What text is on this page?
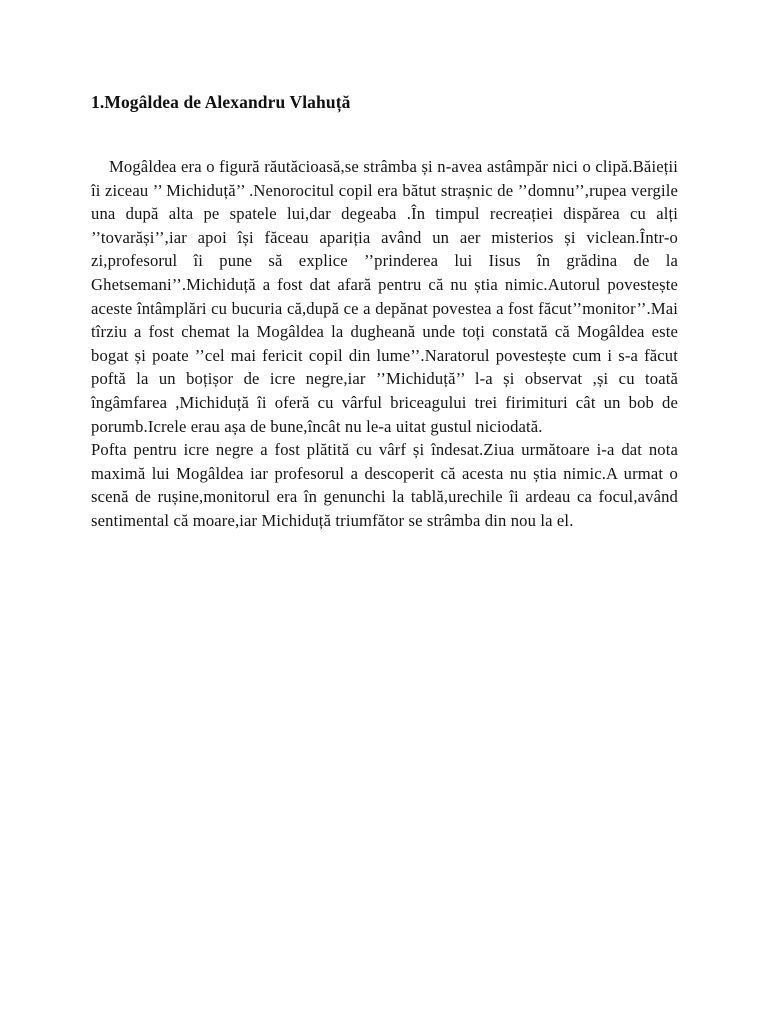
1.Mogâldea de Alexandru Vlahuță

Mogâldea era o figură răutăcioasă,se strâmba și n-avea astâmpăr nici o clipă.Băieții îi ziceau ’’ Michiduță’’ .Nenorocitul copil era bătut strașnic de ’’domnu’’,rupea vergile una după alta pe spatele lui,dar degeaba .În timpul recreației dispărea cu alți ’’tovarăși’’,iar apoi își făceau apariția având un aer misterios și viclean.Într-o zi,profesorul îi pune să explice ’’prinderea lui Iisus în grădina de la Ghetsemani’’.Michiduță a fost dat afară pentru că nu știa nimic.Autorul povestește aceste întâmplări cu bucuria că,după ce a depănat povestea a fost făcut’’monitor’’.Mai tîrziu a fost chemat la Mogâldea la dugheană unde toți constată că Mogâldea este bogat și poate ’’cel mai fericit copil din lume’’.Naratorul povestește cum i s-a făcut poftă la un boțișor de icre negre,iar ’’Michiduță’’ l-a și observat ,și cu toată îngâmfarea ,Michiduță îi oferă cu vârful briceagului trei firimituri cât un bob de porumb.Icrele erau așa de bune,încât nu le-a uitat gustul niciodată.

Pofta pentru icre negre a fost plătită cu vârf și îndesat.Ziua următoare i-a dat nota maximă lui Mogâldea iar profesorul a descoperit că acesta nu știa nimic.A urmat o scenă de rușine,monitorul era în genunchi la tablă,urechile îi ardeau ca focul,având sentimental că moare,iar Michiduță triumfător se strâmba din nou la el.
